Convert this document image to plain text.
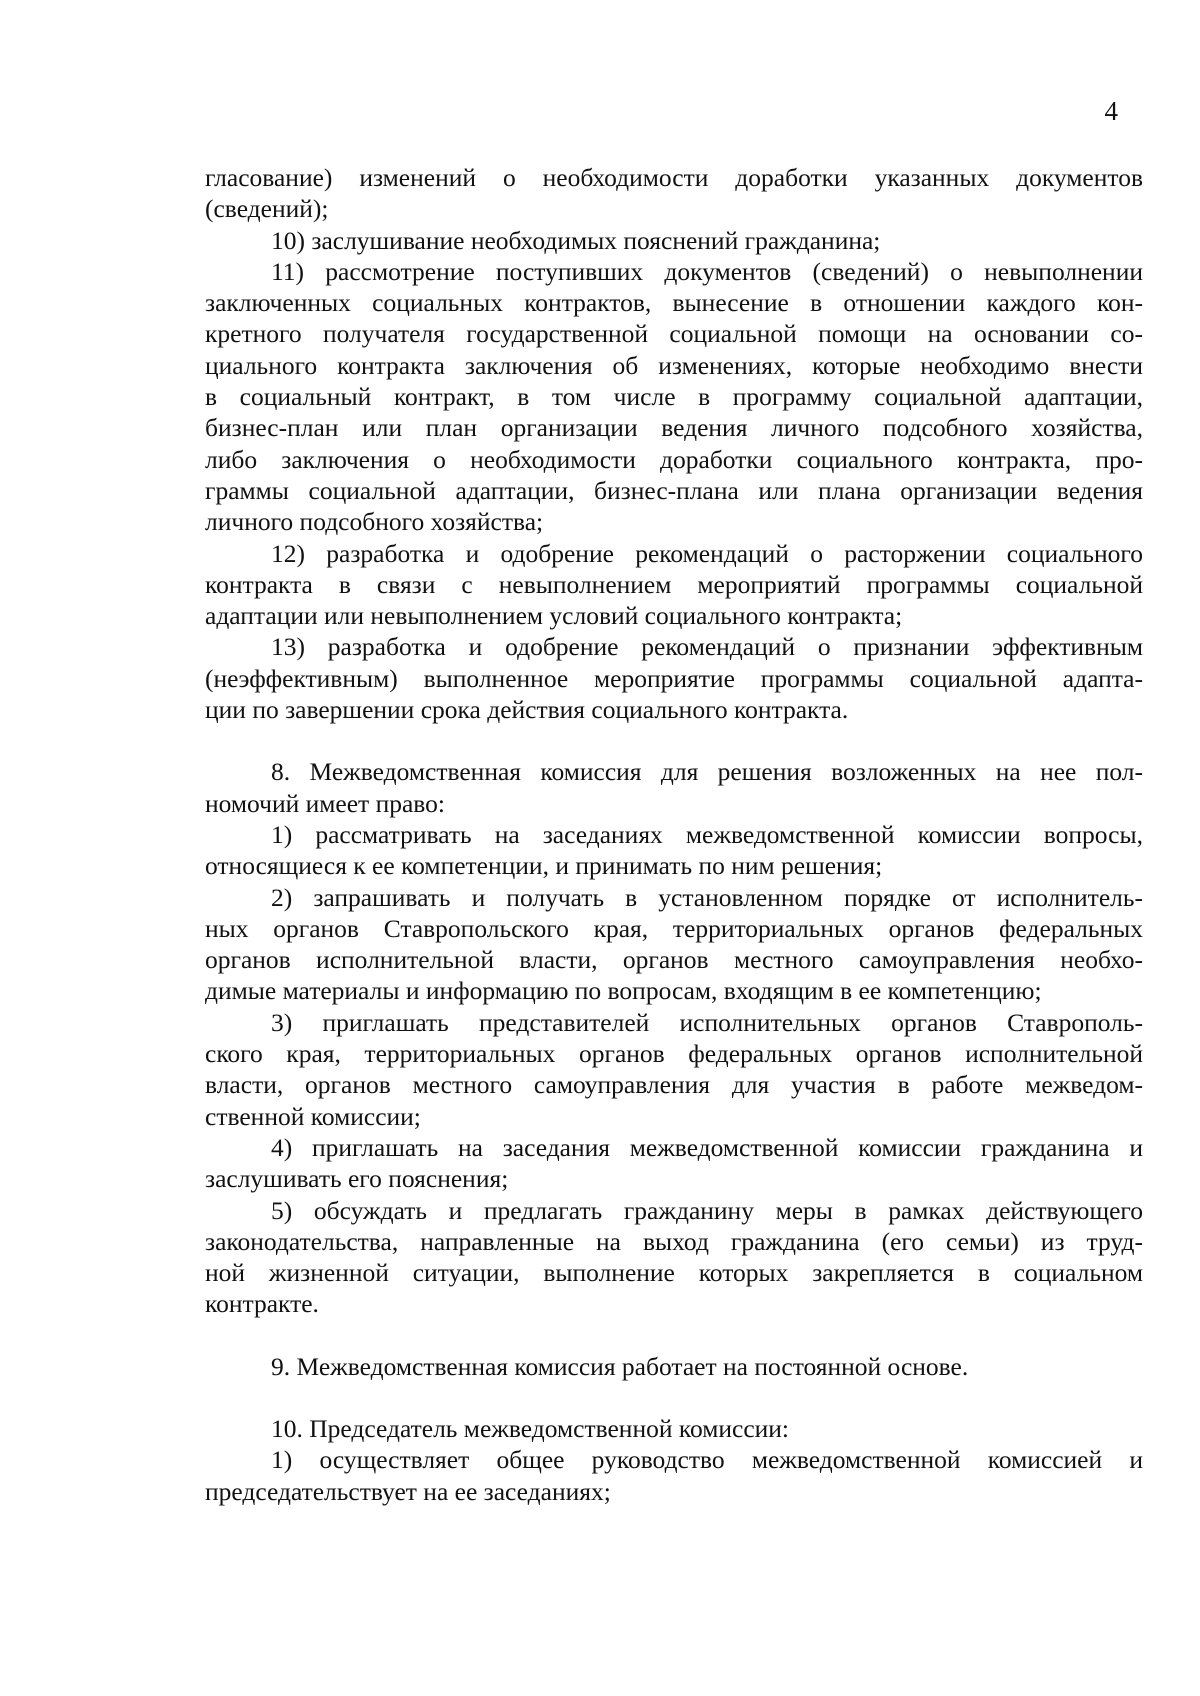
4

гласование) изменений о необходимости доработки указанных документов

(сведений);

10) заслушивание необходимых пояснений гражданина;

11) рассмотрение поступивших документов (сведений) о невыполнении

заключенных социальных контрактов, вынесение в отношении каждого кон-

кретного получателя государственной социальной помощи на основании со-

циального контракта заключения об изменениях, которые необходимо внести

в социальный контракт, в том числе в программу социальной адаптации,

бизнес-план или план организации ведения личного подсобного хозяйства,

либо заключения о необходимости доработки социального контракта, про-

граммы социальной адаптации, бизнес-плана или плана организации ведения

личного подсобного хозяйства;

12) разработка и одобрение рекомендаций о расторжении социального

контракта в связи с невыполнением мероприятий программы социальной

адаптации или невыполнением условий социального контракта;

13) разработка и одобрение рекомендаций о признании эффективным

(неэффективным) выполненное мероприятие программы социальной адапта-

ции по завершении срока действия социального контракта.

8. Межведомственная комиссия для решения возложенных на нее пол-

номочий имеет право:

1) рассматривать на заседаниях межведомственной комиссии вопросы,

относящиеся к ее компетенции, и принимать по ним решения;

2) запрашивать и получать в установленном порядке от исполнитель-

ных органов Ставропольского края, территориальных органов федеральных

органов исполнительной власти, органов местного самоуправления необхо-

димые материалы и информацию по вопросам, входящим в ее компетенцию;

3) приглашать представителей исполнительных органов Ставрополь-

ского края, территориальных органов федеральных органов исполнительной

власти, органов местного самоуправления для участия в работе межведом-

ственной комиссии;

4) приглашать на заседания межведомственной комиссии гражданина и

заслушивать его пояснения;

5) обсуждать и предлагать гражданину меры в рамках действующего

законодательства, направленные на выход гражданина (его семьи) из труд-

ной жизненной ситуации, выполнение которых закрепляется в социальном

контракте.

9. Межведомственная комиссия работает на постоянной основе.

10. Председатель межведомственной комиссии:

1) осуществляет общее руководство межведомственной комиссией и

председательствует на ее заседаниях;
